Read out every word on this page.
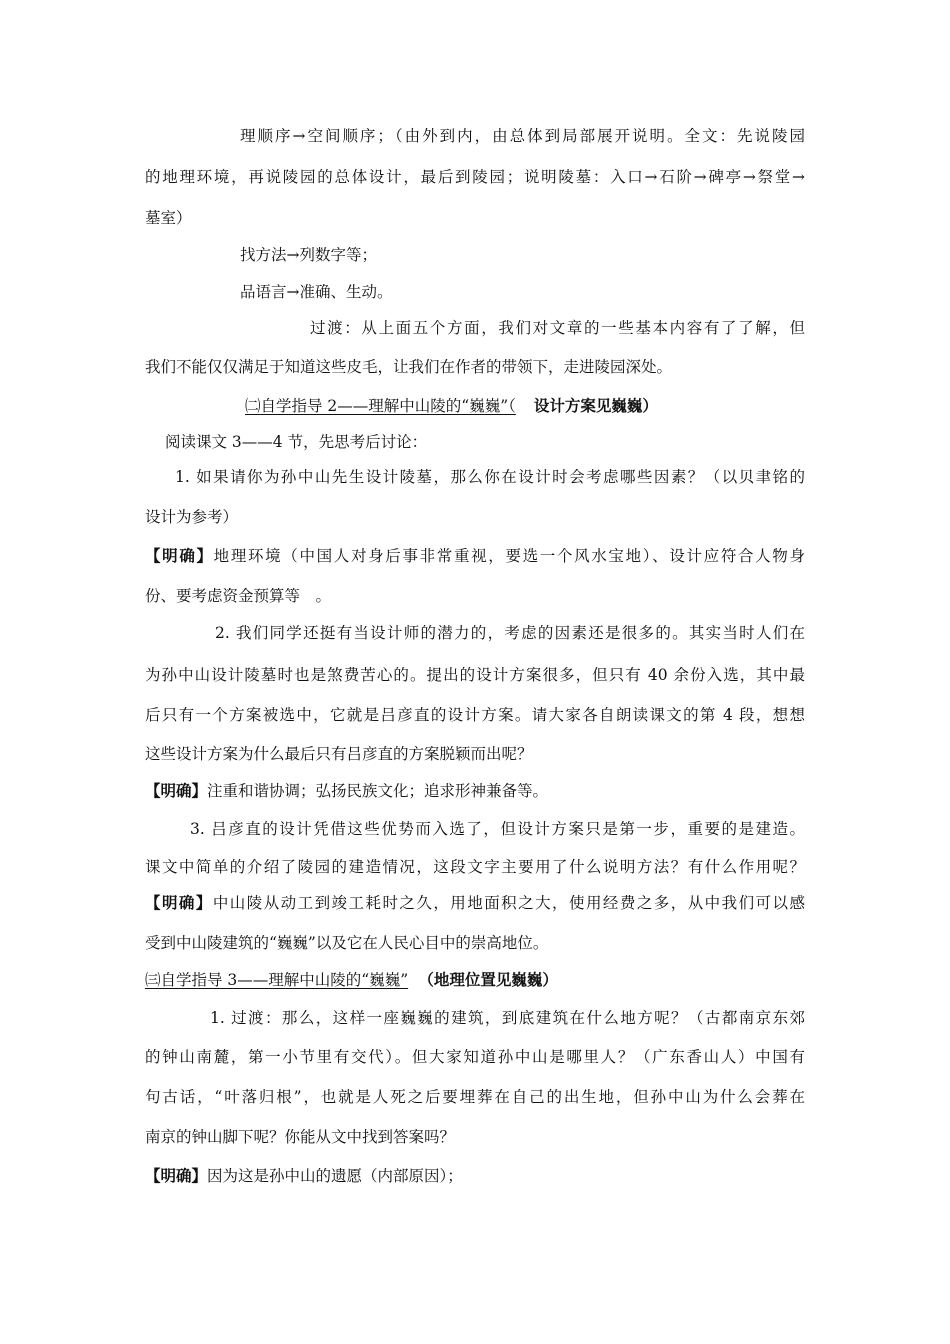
理顺序→空间顺序；（由外到内，由总体到局部展开说明。全文：先说陵园
的地理环境，再说陵园的总体设计，最后到陵园；说明陵墓：入口→石阶→碑亭→祭堂→
墓室）
找方法→列数字等；
品语言→准确、生动。
过渡：从上面五个方面，我们对文章的一些基本内容有了了解，但
我们不能仅仅满足于知道这些皮毛，让我们在作者的带领下，走进陵园深处。
㈡自学指导 2——理解中山陵的“巍巍”（ 设计方案见巍巍）
阅读课文 3——4 节，先思考后讨论：
1. 如果请你为孙中山先生设计陵墓，那么你在设计时会考虑哪些因素？（以贝聿铭的
设计为参考）
【明确】地理环境（中国人对身后事非常重视，要选一个风水宝地）、设计应符合人物身
份、要考虑资金预算等　。
2. 我们同学还挺有当设计师的潜力的，考虑的因素还是很多的。其实当时人们在
为孙中山设计陵墓时也是煞费苦心的。提出的设计方案很多，但只有 40 余份入选，其中最
后只有一个方案被选中，它就是吕彦直的设计方案。请大家各自朗读课文的第 4 段，想想
这些设计方案为什么最后只有吕彦直的方案脱颖而出呢？
【明确】注重和谐协调；弘扬民族文化；追求形神兼备等。
3. 吕彦直的设计凭借这些优势而入选了，但设计方案只是第一步，重要的是建造。
课文中简单的介绍了陵园的建造情况，这段文字主要用了什么说明方法？有什么作用呢？
【明确】中山陵从动工到竣工耗时之久，用地面积之大，使用经费之多，从中我们可以感
受到中山陵建筑的“巍巍”以及它在人民心目中的崇高地位。
㈢自学指导 3——理解中山陵的“巍巍” （地理位置见巍巍）
1. 过渡：那么，这样一座巍巍的建筑，到底建筑在什么地方呢？（古都南京东郊
的钟山南麓，第一小节里有交代）。但大家知道孙中山是哪里人？（广东香山人）中国有
句古话，“叶落归根”，也就是人死之后要埋葬在自己的出生地，但孙中山为什么会葬在
南京的钟山脚下呢？你能从文中找到答案吗？
【明确】因为这是孙中山的遗愿（内部原因）；
